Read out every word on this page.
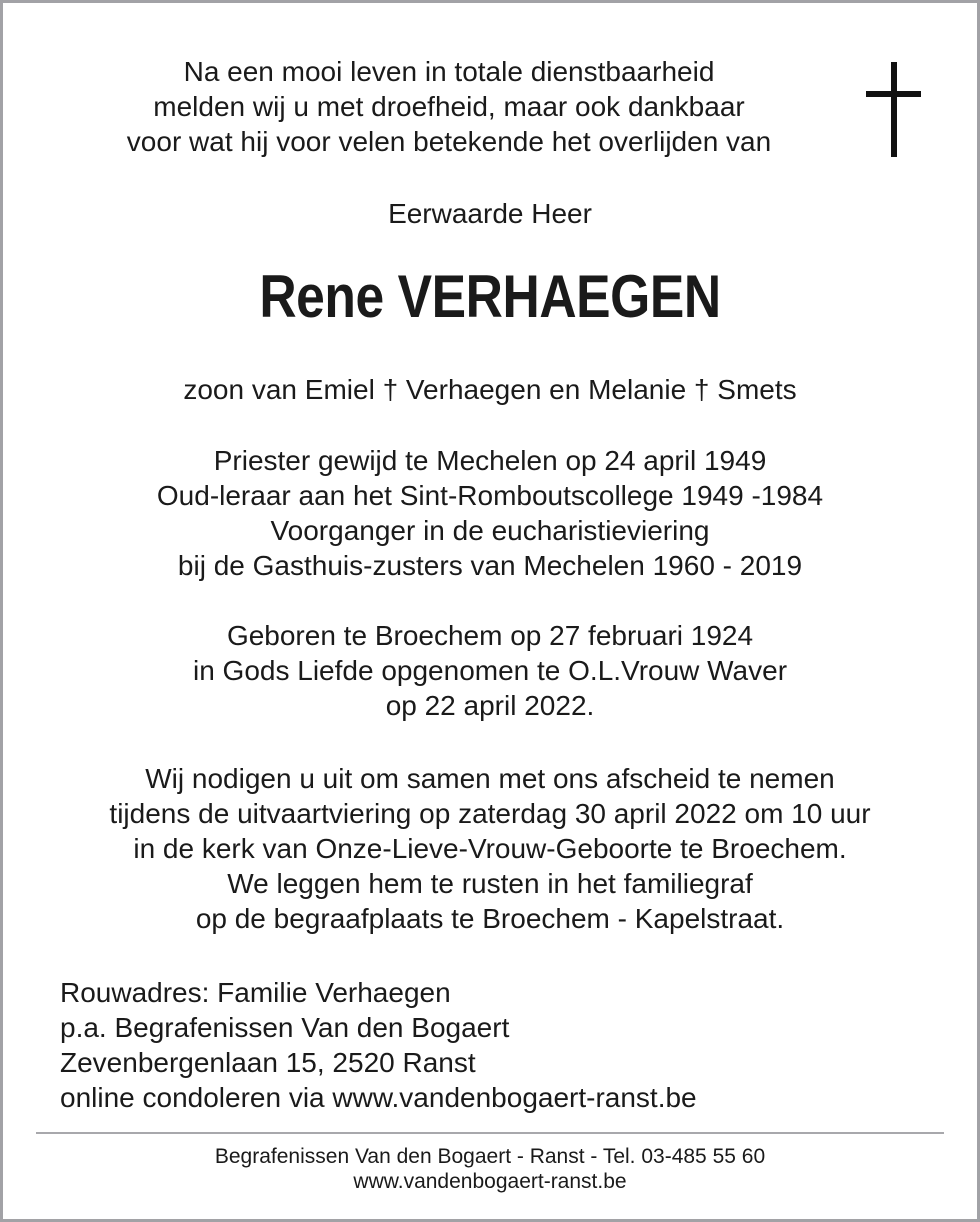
Na een mooi leven in totale dienstbaarheid
melden wij u met droefheid, maar ook dankbaar
voor wat hij voor velen betekende het overlijden van
Eerwaarde Heer
Rene VERHAEGEN
zoon van Emiel † Verhaegen en Melanie † Smets
Priester gewijd te Mechelen op 24 april 1949
Oud-leraar aan het Sint-Romboutscollege 1949 -1984
Voorganger in de eucharistieviering
bij de Gasthuis-zusters van Mechelen 1960 - 2019
Geboren te Broechem op 27 februari 1924
in Gods Liefde opgenomen te O.L.Vrouw Waver
op 22 april 2022.
Wij nodigen u uit om samen met ons afscheid te nemen
tijdens de uitvaartviering op zaterdag 30 april 2022 om 10 uur
in de kerk van Onze-Lieve-Vrouw-Geboorte te Broechem.
We leggen hem te rusten in het familiegraf
op de begraafplaats te Broechem - Kapelstraat.
Rouwadres: Familie Verhaegen
p.a. Begrafenissen Van den Bogaert
Zevenbergenlaan 15, 2520 Ranst
online condoleren via www.vandenbogaert-ranst.be
Begrafenissen Van den Bogaert - Ranst - Tel. 03-485 55 60
www.vandenbogaert-ranst.be
